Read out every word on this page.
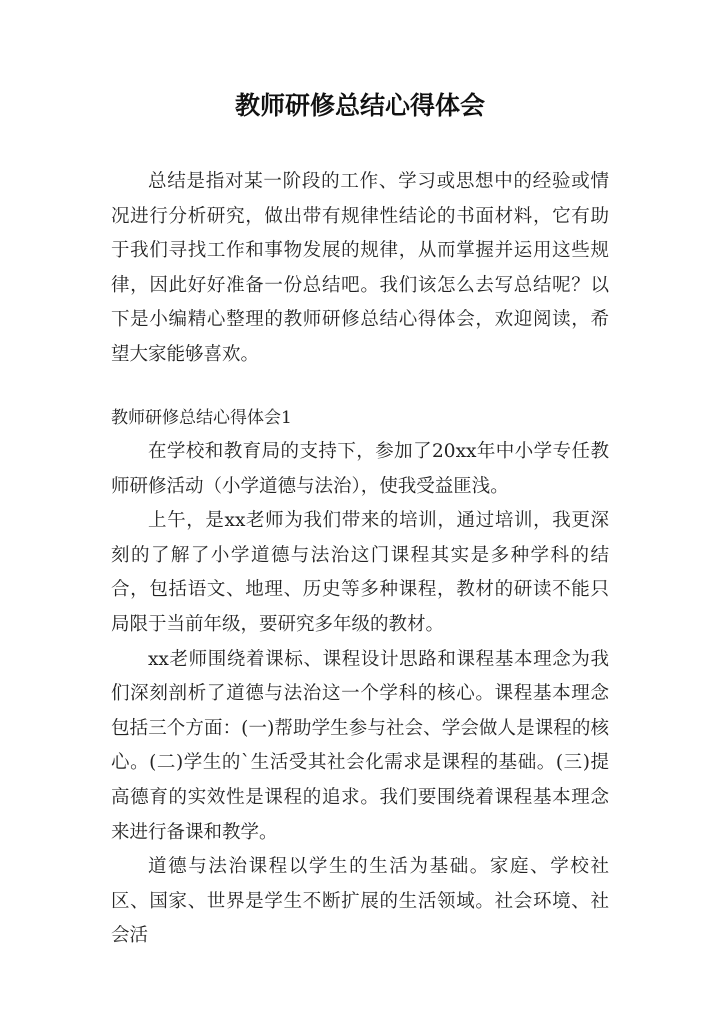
教师研修总结心得体会

总结是指对某一阶段的工作、学习或思想中的经验或情况进行分析研究，做出带有规律性结论的书面材料，它有助于我们寻找工作和事物发展的规律，从而掌握并运用这些规律，因此好好准备一份总结吧。我们该怎么去写总结呢？以下是小编精心整理的教师研修总结心得体会，欢迎阅读，希望大家能够喜欢。

教师研修总结心得体会1

在学校和教育局的支持下，参加了20xx年中小学专任教师研修活动（小学道德与法治），使我受益匪浅。

上午，是xx老师为我们带来的培训，通过培训，我更深刻的了解了小学道德与法治这门课程其实是多种学科的结合，包括语文、地理、历史等多种课程，教材的研读不能只局限于当前年级，要研究多年级的教材。

xx老师围绕着课标、课程设计思路和课程基本理念为我们深刻剖析了道德与法治这一个学科的核心。课程基本理念包括三个方面：(一)帮助学生参与社会、学会做人是课程的核心。(二)学生的`生活受其社会化需求是课程的基础。(三)提高德育的实效性是课程的追求。我们要围绕着课程基本理念来进行备课和教学。

道德与法治课程以学生的生活为基础。家庭、学校社区、国家、世界是学生不断扩展的生活领域。社会环境、社会活
